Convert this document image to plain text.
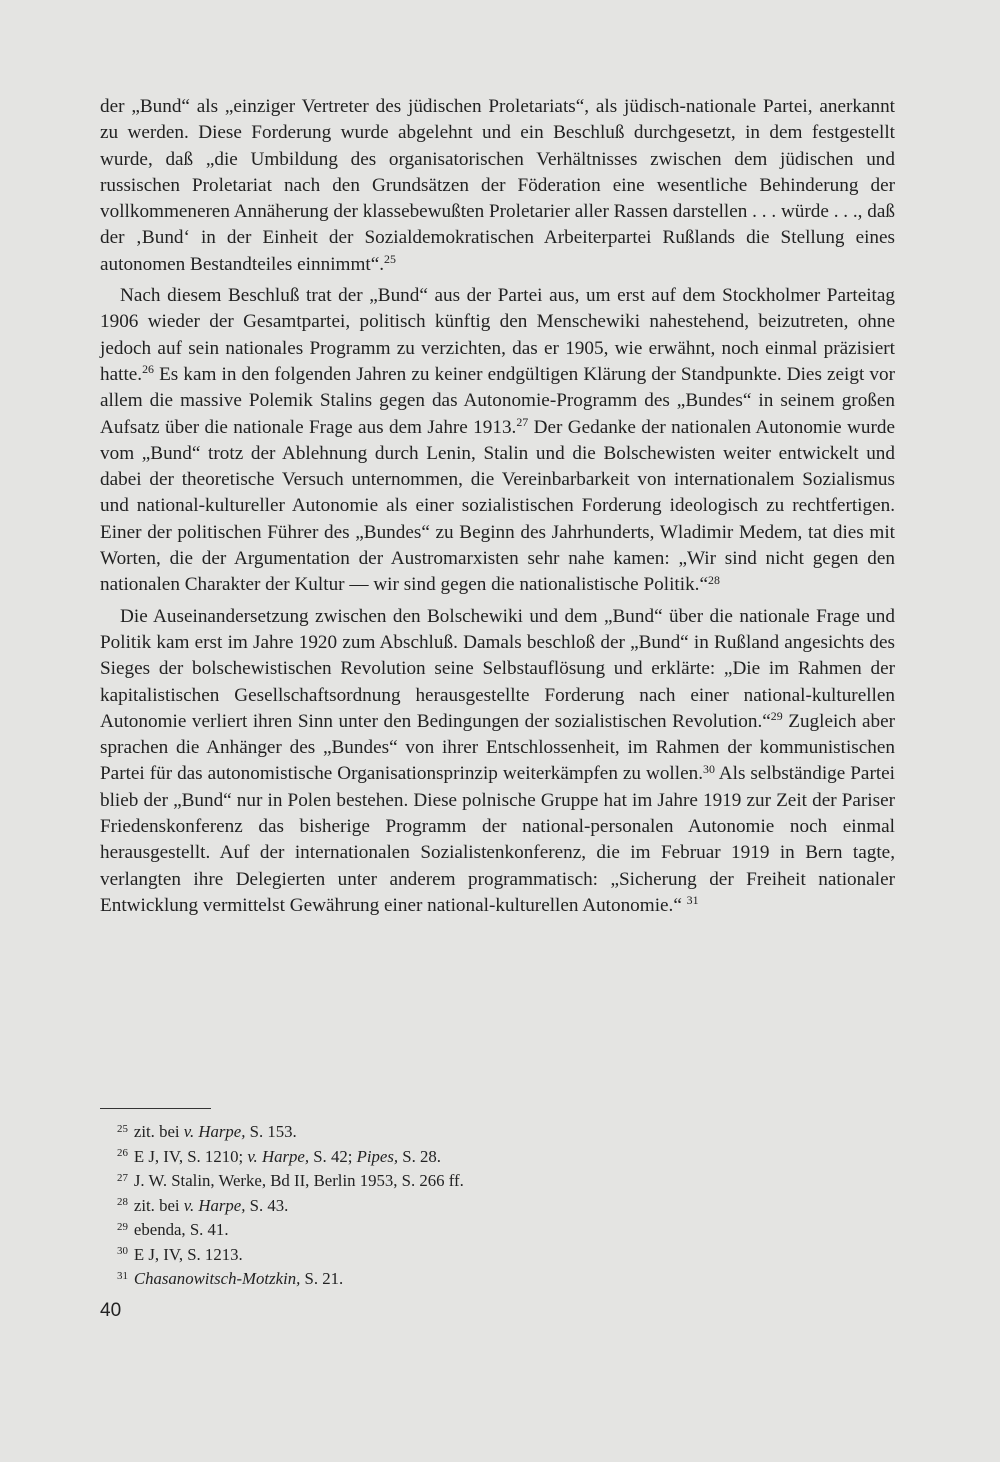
der „Bund“ als „einziger Vertreter des jüdischen Proletariats“, als jüdisch-nationale Partei, anerkannt zu werden. Diese Forderung wurde abgelehnt und ein Beschluß durchgesetzt, in dem festgestellt wurde, daß „die Umbildung des organisatorischen Verhältnisses zwischen dem jüdischen und russischen Proletariat nach den Grundsätzen der Föderation eine wesentliche Behinderung der vollkommeneren Annäherung der klassebewußten Proletarier aller Rassen darstellen . . . würde . . ., daß der ‚Bund‘ in der Einheit der Sozialdemokratischen Arbeiterpartei Rußlands die Stellung eines autonomen Bestandteiles einnimmt“.$^{25}$

Nach diesem Beschluß trat der „Bund“ aus der Partei aus, um erst auf dem Stockholmer Parteitag 1906 wieder der Gesamtpartei, politisch künftig den Menschewiki nahestehend, beizutreten, ohne jedoch auf sein nationales Programm zu verzichten, das er 1905, wie erwähnt, noch einmal präzisiert hatte.$^{26}$ Es kam in den folgenden Jahren zu keiner endgültigen Klärung der Standpunkte. Dies zeigt vor allem die massive Polemik Stalins gegen das Autonomie-Programm des „Bundes“ in seinem großen Aufsatz über die nationale Frage aus dem Jahre 1913.27 Der Gedanke der nationalen Autonomie wurde vom „Bund“ trotz der Ablehnung durch Lenin, Stalin und die Bolschewisten weiter entwickelt und dabei der theoretische Versuch unternommen, die Vereinbarbarkeit von internationalem Sozialismus und national-kultureller Autonomie als einer sozialistischen Forderung ideologisch zu rechtfertigen. Einer der politischen Führer des „Bundes“ zu Beginn des Jahrhunderts, Wladimir Medem, tat dies mit Worten, die der Argumentation der Austromarxisten sehr nahe kamen: „Wir sind nicht gegen den nationalen Charakter der Kultur — wir sind gegen die nationalistische Politik.“$^{28}$

Die Auseinandersetzung zwischen den Bolschewiki und dem „Bund“ über die nationale Frage und Politik kam erst im Jahre 1920 zum Abschluß. Damals beschloß der „Bund“ in Rußland angesichts des Sieges der bolschewistischen Revolution seine Selbstauflösung und erklärte: „Die im Rahmen der kapitalistischen Gesellschaftsordnung herausgestellte Forderung nach einer national-kulturellen Autonomie verliert ihren Sinn unter den Bedingungen der sozialistischen Revolution.“$^{29}$ Zugleich aber sprachen die Anhänger des „Bundes“ von ihrer Entschlossenheit, im Rahmen der kommunistischen Partei für das autonomistische Organisationsprinzip weiterkämpfen zu wollen.$^{30}$ Als selbständige Partei blieb der „Bund“ nur in Polen bestehen. Diese polnische Gruppe hat im Jahre 1919 zur Zeit der Pariser Friedenskonferenz das bisherige Programm der national-personalen Autonomie noch einmal herausgestellt. Auf der internationalen Sozialistenkonferenz, die im Februar 1919 in Bern tagte, verlangten ihre Delegierten unter anderem programmatisch: „Sicherung der Freiheit nationaler Entwicklung vermittelst Gewährung einer national-kulturellen Autonomie.“ $^{31}$

$^{25}$ zit. bei v. Harpe, S. 153.
$^{26}$ E J, IV, S. 1210; v. Harpe, S. 42; Pipes, S. 28.
$^{27}$ J. W. Stalin, Werke, Bd II, Berlin 1953, S. 266 ff.
$^{28}$ zit. bei v. Harpe, S. 43.
$^{29}$ ebenda, S. 41.
$^{30}$ E J, IV, S. 1213.
$^{31}$ Chasanowitsch-Motzkin, S. 21.
40
